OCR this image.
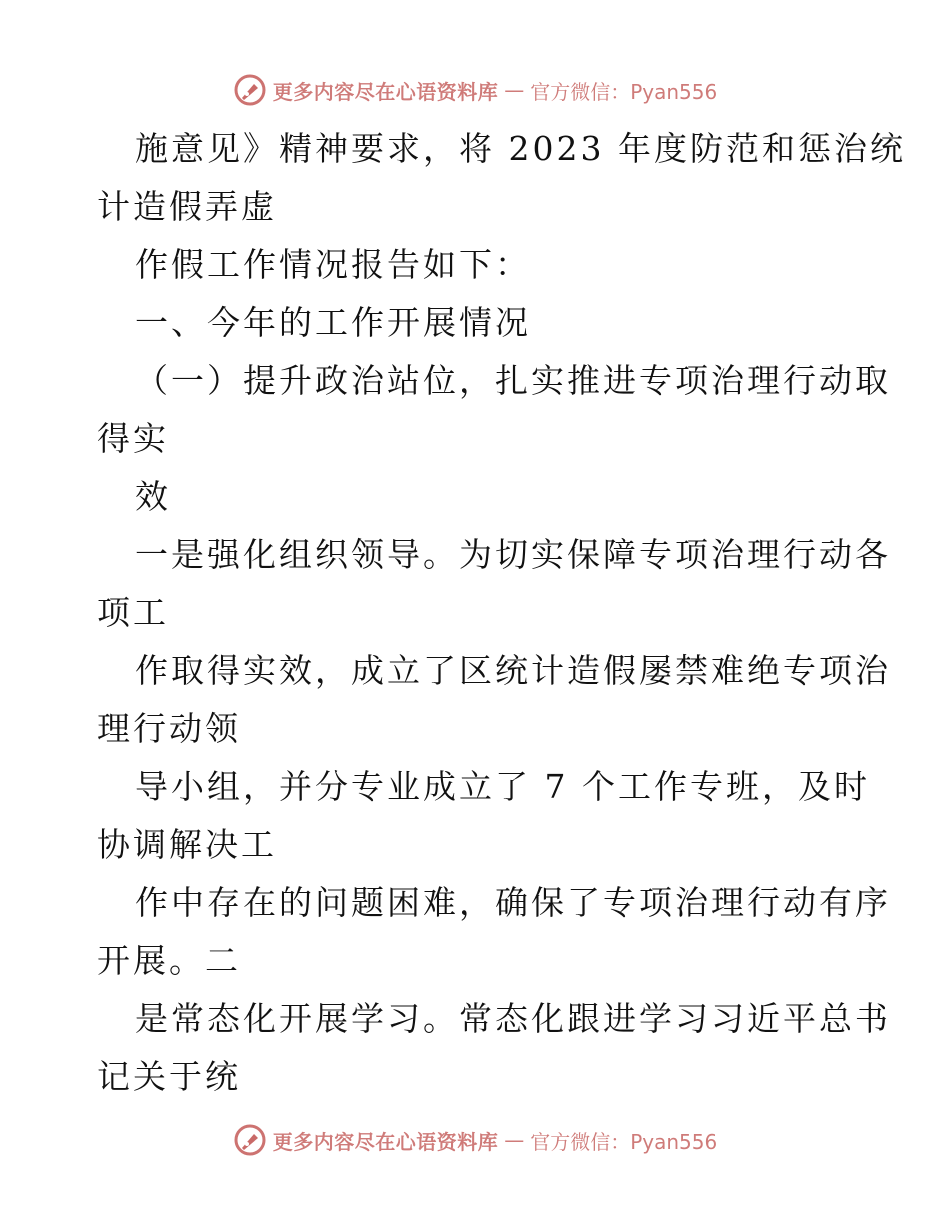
更多内容尽在心语资料库 — 官方微信：Pyan556
施意见》精神要求，将 2023 年度防范和惩治统
计造假弄虚
作假工作情况报告如下：
一、今年的工作开展情况
（一）提升政治站位，扎实推进专项治理行动取
得实
效
一是强化组织领导。为切实保障专项治理行动各
项工
作取得实效，成立了区统计造假屡禁难绝专项治
理行动领
导小组，并分专业成立了 7 个工作专班，及时
协调解决工
作中存在的问题困难，确保了专项治理行动有序
开展。二
是常态化开展学习。常态化跟进学习习近平总书
记关于统
更多内容尽在心语资料库 — 官方微信：Pyan556
